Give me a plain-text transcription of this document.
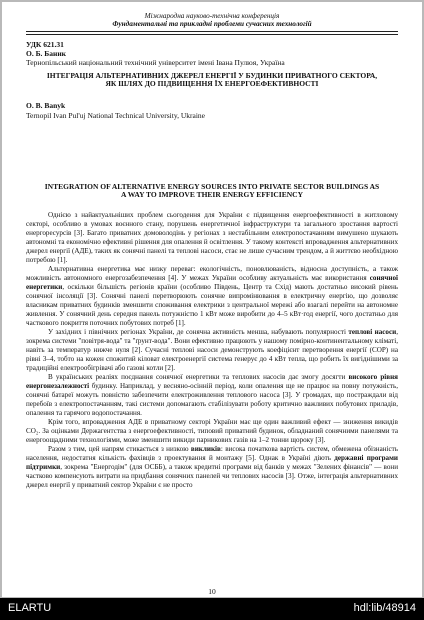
Міжнародна науково-технічна конференція
Фундаментальні та прикладні проблеми сучасних технологій
УДК 621.31
О. Б. Баник
Тернопільський національний технічний університет імені Івана Пулюя, Україна
ІНТЕГРАЦІЯ АЛЬТЕРНАТИВНИХ ДЖЕРЕЛ ЕНЕРГІЇ У БУДИНКИ ПРИВАТНОГО СЕКТОРА, ЯК ШЛЯХ ДО ПІДВИЩЕННЯ ЇХ ЕНЕРГОЕФЕКТИВНОСТІ
O. B. Banyk
Ternopil Ivan Pul'uj National Technical University, Ukraine
INTEGRATION OF ALTERNATIVE ENERGY SOURCES INTO PRIVATE SECTOR BUILDINGS AS A WAY TO IMPROVE THEIR ENERGY EFFICIENCY

Однією з найактуальніших проблем сьогодення для України є підвищення енергоефективності в житловому секторі, особливо в умовах воєнного стану, порушень енергетичної інфраструктури та загального зростання вартості енергоресурсів [3]. Багато приватних домоволодінь у регіонах з нестабільним електропостачанням вимушено шукають автономні та економічно ефективні рішення для опалення й освітлення. У такому контексті впровадження альтернативних джерел енергії (АДЕ), таких як сонячні панелі та теплові насоси, стає не лише сучасним трендом, а й життєво необхідною потребою [1].

Альтернативна енергетика має низку переваг: екологічність, поновлюваність, відносна доступність, а також можливість автономного енергозабезпечення [4]. У межах України особливу актуальність має використання сонячної енергетики, оскільки більшість регіонів країни (особливо Південь, Центр та Схід) мають достатньо високий рівень сонячної інсоляції [3]. Сонячні панелі перетворюють сонячне випромінювання в електричну енергію, що дозволяє власникам приватних будинків зменшити споживання електрики з центральної мережі або взагалі перейти на автономне живлення. У сонячний день середня панель потужністю 1 кВт може виробити до 4–5 кВт·год енергії, чого достатньо для часткового покриття поточних побутових потреб [1].

У західних і північних регіонах України, де сонячна активність менша, набувають популярності теплові насоси, зокрема системи "повітря-вода" та "ґрунт-вода". Вони ефективно працюють у нашому помірно-континентальному кліматі, навіть за температур нижче нуля [2]. Сучасні теплові насоси демонструють коефіцієнт перетворення енергії (СОР) на рівні 3–4, тобто на кожен спожитий кіловат електроенергії система генерує до 4 кВт тепла, що робить їх вигіднішими за традиційні електрообігрівачі або газові котли [2].

В українських реаліях поєднання сонячної енергетики та теплових насосів дає змогу досягти високого рівня енергонезалежності будинку. Наприклад, у весняно-осінній період, коли опалення ще не працює на повну потужність, сонячні батареї можуть повністю забезпечити електроживлення теплового насоса [3]. У громадах, що постраждали від перебоїв з електропостачанням, такі системи допомагають стабілізувати роботу критично важливих побутових приладів, опалення та гарячого водопостачання.

Крім того, впровадження АДЕ в приватному секторі України має ще один важливий ефект — зниження викидів CO₂. За оцінками Держагентства з енергоефективності, типовий приватний будинок, обладнаний сонячними панелями та енергоощадними технологіями, може зменшити викиди парникових газів на 1–2 тонни щороку [3].

Разом з тим, цей напрям стикається з низкою викликів: висока початкова вартість систем, обмежена обізнаність населення, недостатня кількість фахівців з проектування й монтажу [5]. Однак в Україні діють державні програми підтримки, зокрема "Енергодім" (для ОСББ), а також кредитні програми від банків у межах "Зелених фінансів" — вони частково компенсують витрати на придбання сонячних панелей чи теплових насосів [3]. Отже, інтеграція альтернативних джерел енергії у приватний сектор України є не просто

10
ELARTU	hdl:lib/48914
